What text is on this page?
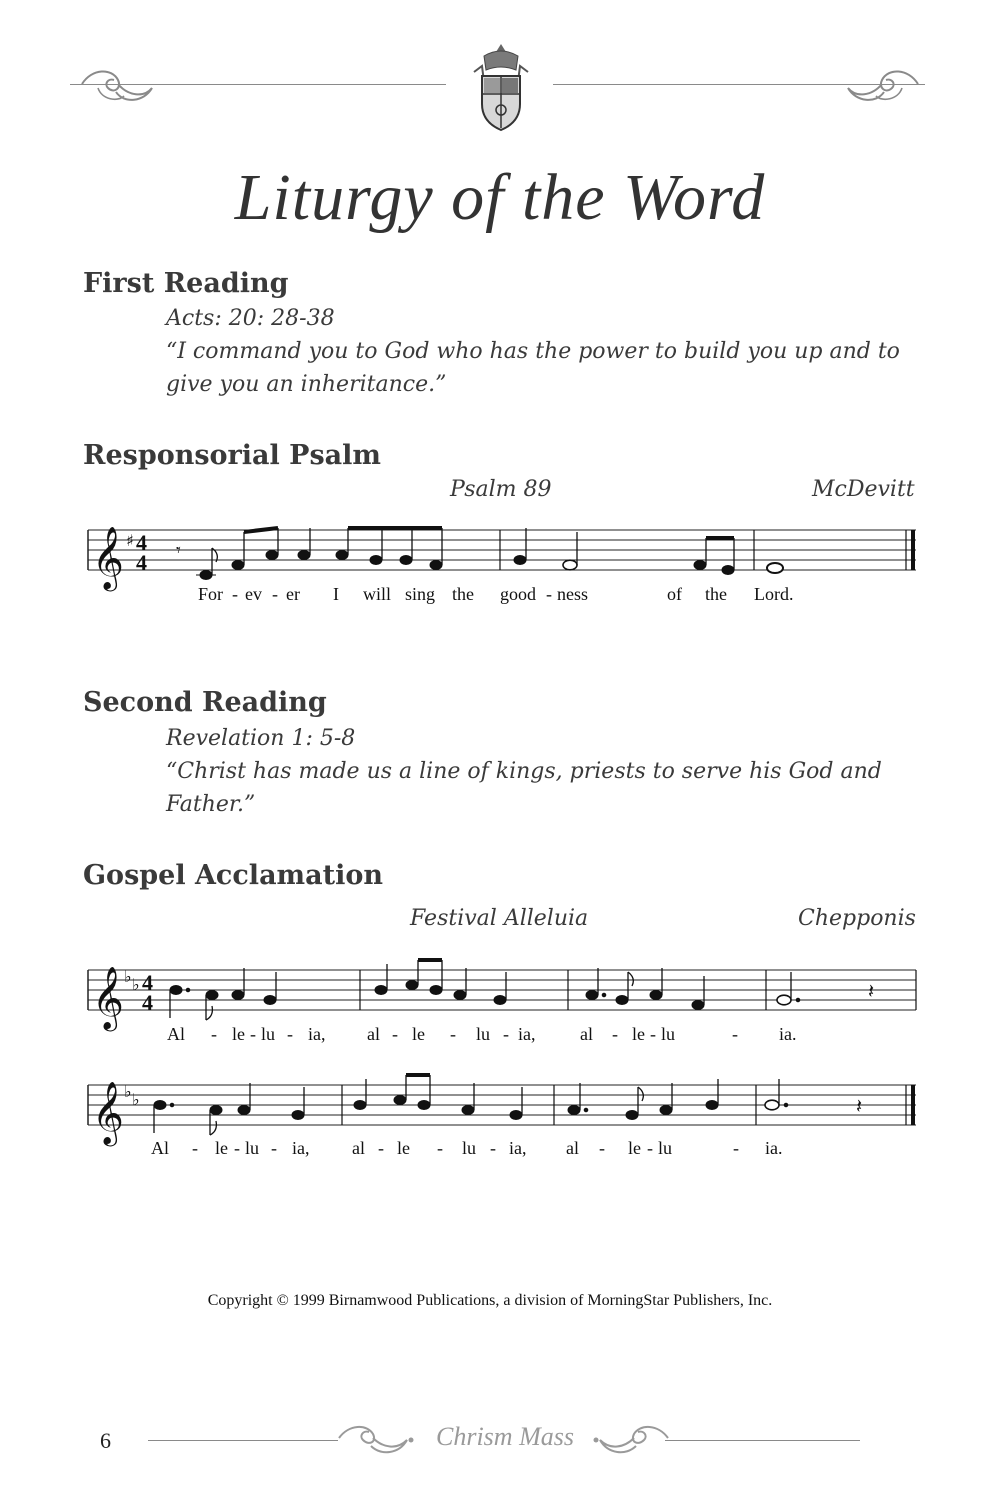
Liturgy of the Word
First Reading
Acts: 20: 28-38
“I command you to God who has the power to build you up and to give you an inheritance.”
Responsorial Psalm
Psalm 89	McDevitt
𝄞 ♯ 4
4 𝄾
For - ev - er I will sing the good - ness	of the Lord.
Second Reading
Revelation 1: 5-8
“Christ has made us a line of kings, priests to serve his God and Father.”
Gospel Acclamation
Festival Alleluia	Chepponis
𝄞 ♭ ♭ 4
4	𝄽
Al - le - lu - ia, al - le - lu - ia, al - le - lu	- ia.
𝄞 ♭ ♭	𝄽
Al - le - lu - ia, al - le - lu - ia, al - le - lu	- ia.
Copyright © 1999 Birnamwood Publications, a division of MorningStar Publishers, Inc.
6	Chrism Mass
